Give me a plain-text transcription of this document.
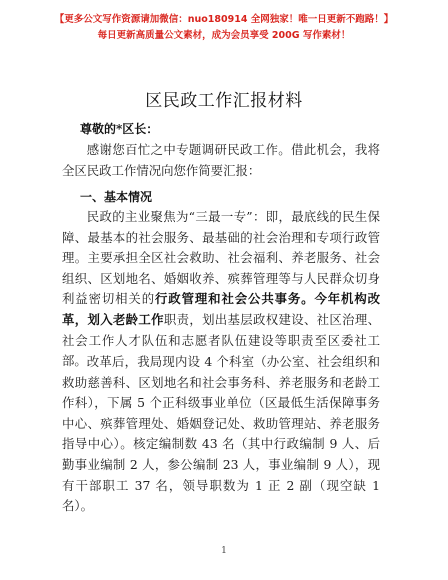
【更多公文写作资源请加微信：nuo180914 全网独家！唯一日更新不跑路！】
每日更新高质量公文素材，成为会员享受 200G 写作素材！
区民政工作汇报材料
尊敬的*区长：

感谢您百忙之中专题调研民政工作。借此机会，我将全区民政工作情况向您作简要汇报：

一、基本情况

民政的主业聚焦为“三最一专”：即，最底线的民生保障、最基本的社会服务、最基础的社会治理和专项行政管理。主要承担全区社会救助、社会福利、养老服务、社会组织、区划地名、婚姻收养、殡葬管理等与人民群众切身利益密切相关的行政管理和社会公共事务。今年机构改革，划入老龄工作职责，划出基层政权建设、社区治理、社会工作人才队伍和志愿者队伍建设等职责至区委社工部。 改革后，我局现内设 4 个科室（办公室、社会组织和救助慈善科、区划地名和社会事务科、养老服务和老龄工作科），下属 5 个正科级事业单位（区最低生活保障事务中心、殡葬管理处、婚姻登记处、救助管理站、养老服务指导中心）。核定编制数 43 名（其中行政编制 9 人、后勤事业编制 2 人，参公编制 23 人，事业编制 9 人），现有干部职工 37 名，领导职数为 1 正 2 副（现空缺 1 名）。

1
